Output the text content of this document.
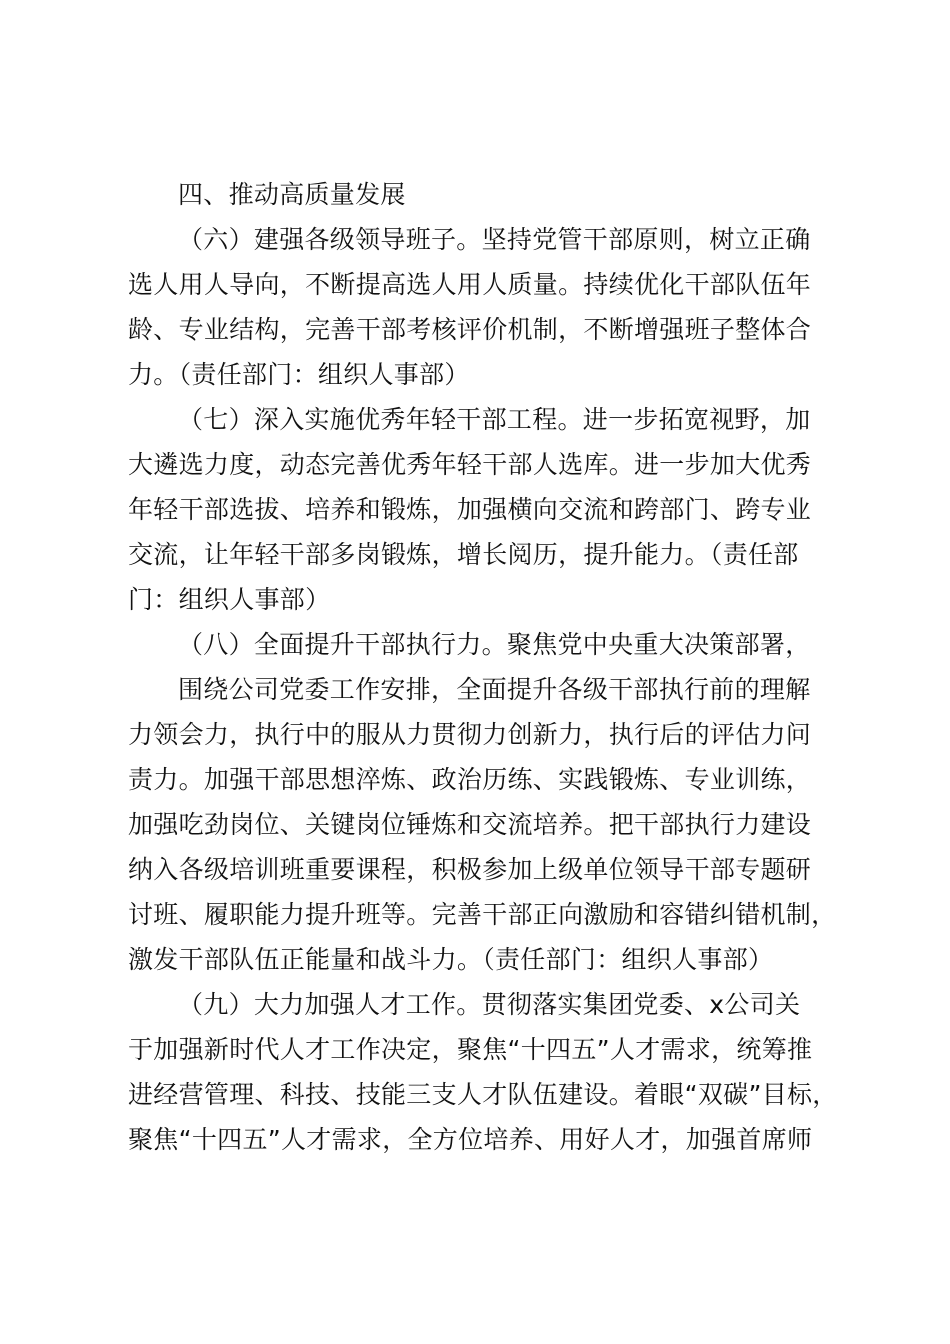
四、推动高质量发展
（六）建强各级领导班子。坚持党管干部原则，树立正确
选人用人导向，不断提高选人用人质量。持续优化干部队伍年
龄、专业结构，完善干部考核评价机制，不断增强班子整体合
力。（责任部门：组织人事部）
（七）深入实施优秀年轻干部工程。进一步拓宽视野，加
大遴选力度，动态完善优秀年轻干部人选库。进一步加大优秀
年轻干部选拔、培养和锻炼，加强横向交流和跨部门、跨专业
交流，让年轻干部多岗锻炼，增长阅历，提升能力。（责任部
门：组织人事部）
（八）全面提升干部执行力。聚焦党中央重大决策部署，
围绕公司党委工作安排，全面提升各级干部执行前的理解
力领会力，执行中的服从力贯彻力创新力，执行后的评估力问
责力。加强干部思想淬炼、政治历练、实践锻炼、专业训练，
加强吃劲岗位、关键岗位锤炼和交流培养。把干部执行力建设
纳入各级培训班重要课程，积极参加上级单位领导干部专题研
讨班、履职能力提升班等。完善干部正向激励和容错纠错机制，
激发干部队伍正能量和战斗力。（责任部门：组织人事部）
（九）大力加强人才工作。贯彻落实集团党委、x公司关
于加强新时代人才工作决定，聚焦“十四五”人才需求，统筹推
进经营管理、科技、技能三支人才队伍建设。着眼“双碳”目标，
聚焦“十四五”人才需求，全方位培养、用好人才，加强首席师
